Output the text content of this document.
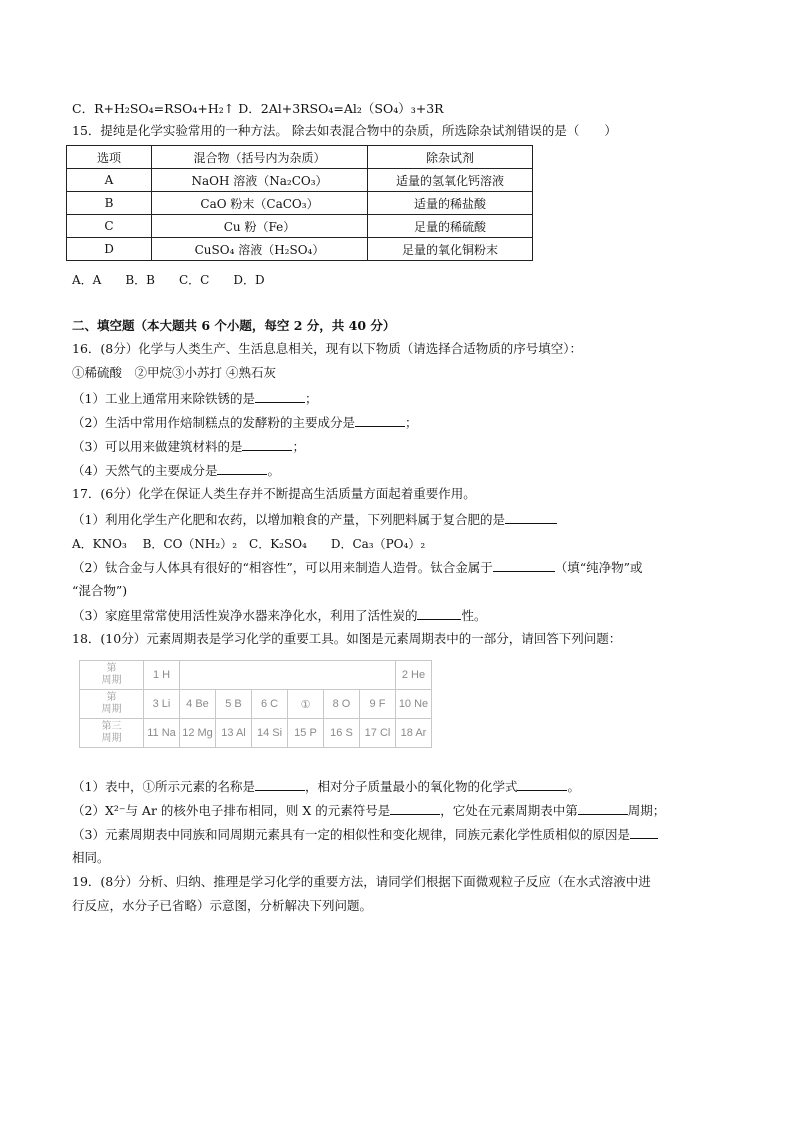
C．R+H₂SO₄=RSO₄+H₂↑ D．2Al+3RSO₄=Al₂（SO₄）₃+3R
15．提纯是化学实验常用的一种方法。 除去如表混合物中的杂质，所选除杂试剂错误的是（　　）
选项	混合物（括号内为杂质）	除杂试剂
A	NaOH 溶液（Na₂CO₃）	适量的氢氧化钙溶液
B	CaO 粉末（CaCO₃）	适量的稀盐酸
C	Cu 粉（Fe）	足量的稀硫酸
D	CuSO₄ 溶液（H₂SO₄）	足量的氧化铜粉末
A．A　　B．B　　C．C　　D．D
二、填空题（本大题共 6 个小题，每空 2 分，共 40 分）
16．(8分）化学与人类生产、生活息息相关，现有以下物质（请选择合适物质的序号填空）：
①稀硫酸　②甲烷③小苏打 ④熟石灰
（1）工业上通常用来除铁锈的是	；
（2）生活中常用作焙制糕点的发酵粉的主要成分是	；
（3）可以用来做建筑材料的是	；
（4）天然气的主要成分是	。
17．(6分）化学在保证人类生存并不断提高生活质量方面起着重要作用。
（1）利用化学生产化肥和农药，以增加粮食的产量，下列肥料属于复合肥的是
A．KNO₃　 B．CO（NH₂）₂　C．K₂SO₄　　D．Ca₃（PO₄）₂
（2）钛合金与人体具有很好的“相容性”，可以用来制造人造骨。钛合金属于	（填“纯净物”或
“混合物”)
（3）家庭里常常使用活性炭净水器来净化水，利用了活性炭的	性。
18．(10分）元素周期表是学习化学的重要工具。如图是元素周期表中的一部分，请回答下列问题：
第
周期	1 H							2 He
第
周期	3 Li	4 Be	5 B	6 C	①	8 O	9 F	10 Ne
第三
周期	11 Na	12 Mg	13 Al	14 Si	15 P	16 S	17 Cl	18 Ar
（1）表中，①所示元素的名称是	，相对分子质量最小的氧化物的化学式	。
（2）X²⁻与 Ar 的核外电子排布相同，则 X 的元素符号是	，它处在元素周期表中第	周期；
（3）元素周期表中同族和同周期元素具有一定的相似性和变化规律，同族元素化学性质相似的原因是
相同。
19．(8分）分析、归纳、推理是学习化学的重要方法，请同学们根据下面微观粒子反应（在水式溶液中进
行反应，水分子已省略）示意图，分析解决下列问题。
